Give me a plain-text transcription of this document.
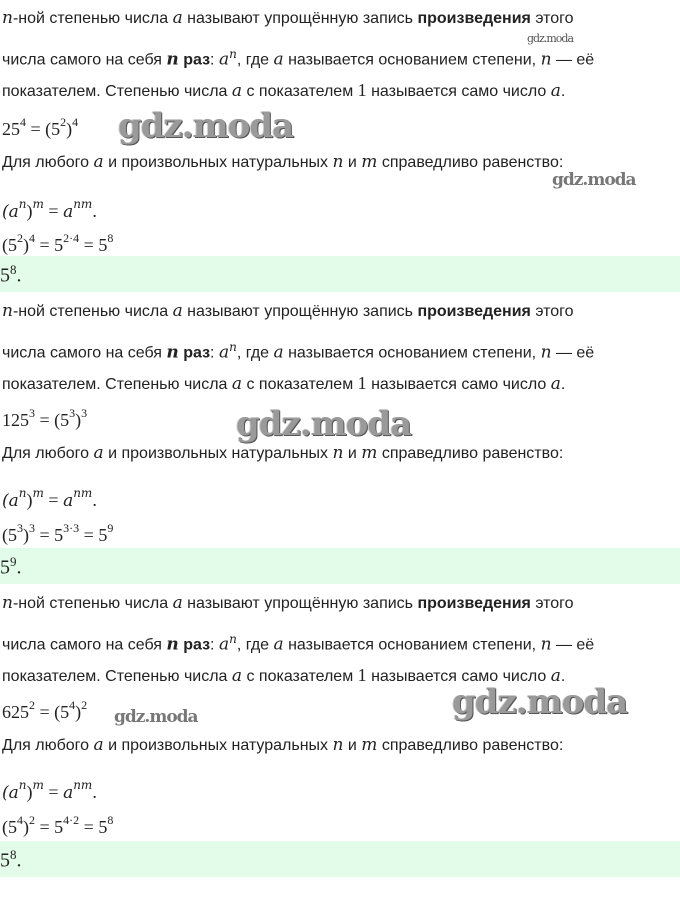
n-ной степенью числа a называют упрощённую запись произведения этого
числа самого на себя n раз: $a^n$, где a называется основанием степени, n — её
показателем. Степенью числа a с показателем 1 называется само число a.
$25^4 = (5^2)^4$
Для любого a и произвольных натуральных n и m справедливо равенство:
$(a^n)^m = a^{nm}$.
$(5^2)^4 = 5^{2\cdot 4} = 5^8$
$5^8$.
n-ной степенью числа a называют упрощённую запись произведения этого
числа самого на себя n раз: $a^n$, где a называется основанием степени, n — её
показателем. Степенью числа a с показателем 1 называется само число a.
$125^3 = (5^3)^3$
Для любого a и произвольных натуральных n и m справедливо равенство:
$(a^n)^m = a^{nm}$.
$(5^3)^3 = 5^{3\cdot 3} = 5^9$
$5^9$.
n-ной степенью числа a называют упрощённую запись произведения этого
числа самого на себя n раз: $a^n$, где a называется основанием степени, n — её
показателем. Степенью числа a с показателем 1 называется само число a.
$625^2 = (5^4)^2$
Для любого a и произвольных натуральных n и m справедливо равенство:
$(a^n)^m = a^{nm}$.
$(5^4)^2 = 5^{4\cdot 2} = 5^8$
$5^8$.
gdz.moda
gdz.moda
gdz.moda
gdz.moda
gdz.moda
gdz.moda
